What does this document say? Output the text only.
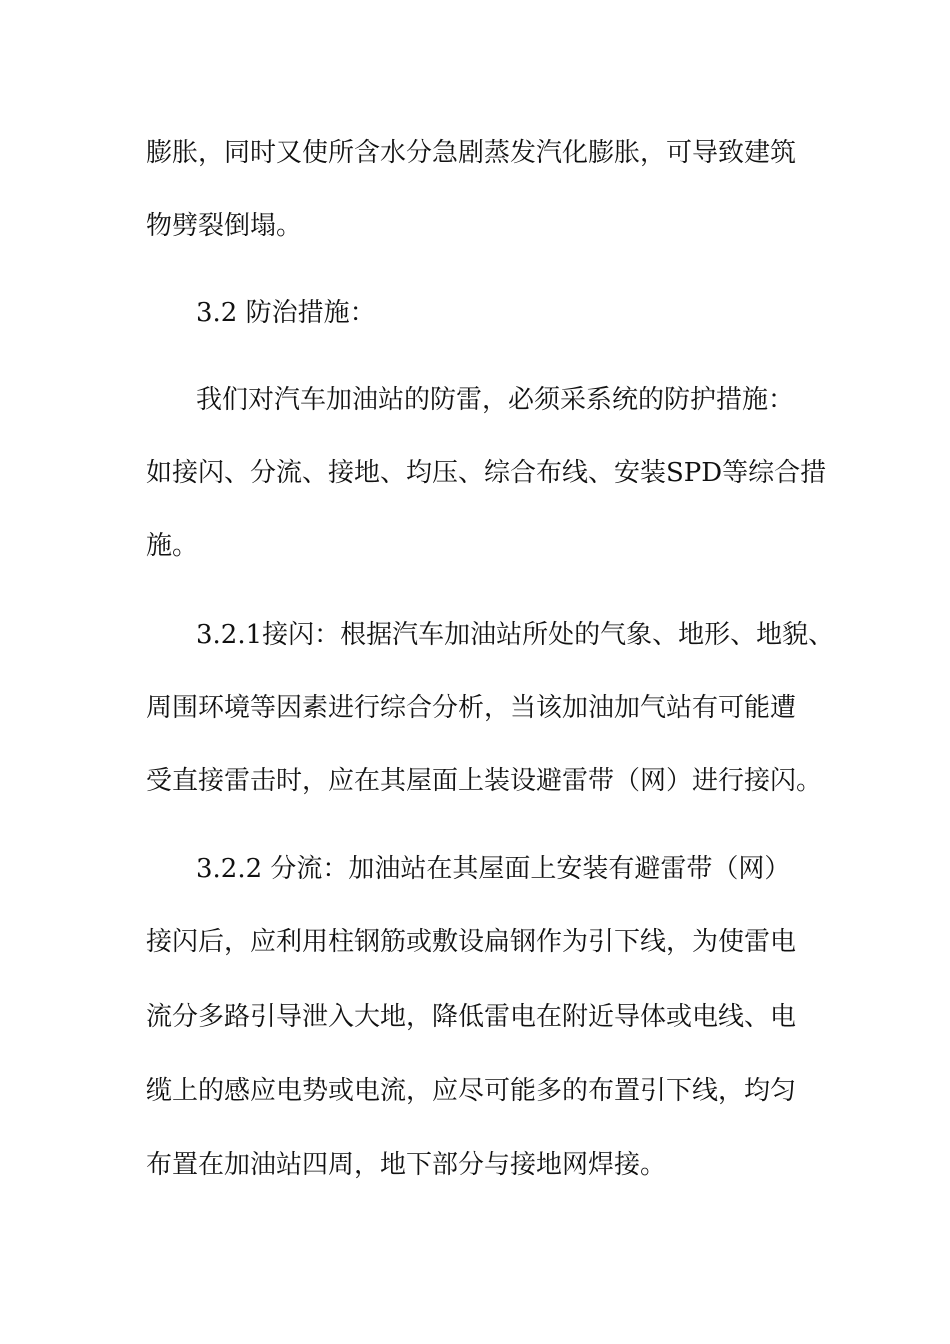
膨胀，同时又使所含水分急剧蒸发汽化膨胀，可导致建筑

物劈裂倒塌。

3.2 防治措施：

我们对汽车加油站的防雷，必须采系统的防护措施：

如接闪、分流、接地、均压、综合布线、安装SPD等综合措

施。

3.2.1接闪：根据汽车加油站所处的气象、地形、地貌、

周围环境等因素进行综合分析，当该加油加气站有可能遭

受直接雷击时，应在其屋面上装设避雷带（网）进行接闪。

3.2.2 分流：加油站在其屋面上安装有避雷带（网）

接闪后，应利用柱钢筋或敷设扁钢作为引下线，为使雷电

流分多路引导泄入大地，降低雷电在附近导体或电线、电

缆上的感应电势或电流，应尽可能多的布置引下线，均匀

布置在加油站四周，地下部分与接地网焊接。
